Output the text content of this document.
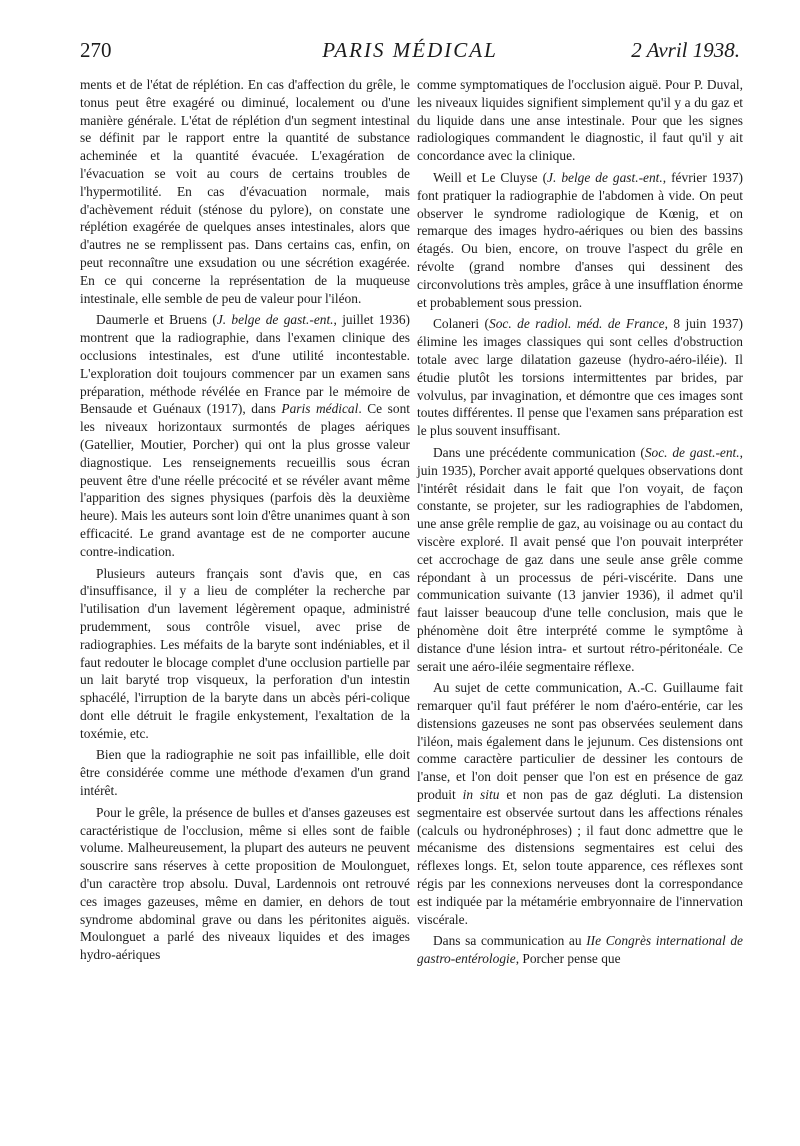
270	PARIS MÉDICAL	2 Avril 1938.

ments et de l'état de réplétion. En cas d'affection du grêle, le tonus peut être exagéré ou diminué, localement ou d'une manière générale. L'état de réplétion d'un segment intestinal se définit par le rapport entre la quantité de substance acheminée et la quantité évacuée. L'exagération de l'évacuation se voit au cours de certains troubles de l'hypermotilité. En cas d'évacuation normale, mais d'achèvement réduit (sténose du pylore), on constate une réplétion exagérée de quelques anses intestinales, alors que d'autres ne se remplissent pas. Dans certains cas, enfin, on peut reconnaître une exsudation ou une sécrétion exagérée. En ce qui concerne la représentation de la muqueuse intestinale, elle semble de peu de valeur pour l'iléon.

Daumerle et Bruens (J. belge de gast.-ent., juillet 1936) montrent que la radiographie, dans l'examen clinique des occlusions intestinales, est d'une utilité incontestable. L'exploration doit toujours commencer par un examen sans préparation, méthode révélée en France par le mémoire de Bensaude et Guénaux (1917), dans Paris médical. Ce sont les niveaux horizontaux surmontés de plages aériques (Gatellier, Moutier, Porcher) qui ont la plus grosse valeur diagnostique. Les renseignements recueillis sous écran peuvent être d'une réelle précocité et se révéler avant même l'apparition des signes physiques (parfois dès la deuxième heure). Mais les auteurs sont loin d'être unanimes quant à son efficacité. Le grand avantage est de ne comporter aucune contre-indication.

Plusieurs auteurs français sont d'avis que, en cas d'insuffisance, il y a lieu de compléter la recherche par l'utilisation d'un lavement légèrement opaque, administré prudemment, sous contrôle visuel, avec prise de radiographies. Les méfaits de la baryte sont indéniables, et il faut redouter le blocage complet d'une occlusion partielle par un lait baryté trop visqueux, la perforation d'un intestin sphacélé, l'irruption de la baryte dans un abcès péri-colique dont elle détruit le fragile enkystement, l'exaltation de la toxémie, etc.

Bien que la radiographie ne soit pas infaillible, elle doit être considérée comme une méthode d'examen d'un grand intérêt.

Pour le grêle, la présence de bulles et d'anses gazeuses est caractéristique de l'occlusion, même si elles sont de faible volume. Malheureusement, la plupart des auteurs ne peuvent souscrire sans réserves à cette proposition de Moulonguet, d'un caractère trop absolu. Duval, Lardennois ont retrouvé ces images gazeuses, même en damier, en dehors de tout syndrome abdominal grave ou dans les péritonites aiguës. Moulonguet a parlé des niveaux liquides et des images hydro-aériques

comme symptomatiques de l'occlusion aiguë. Pour P. Duval, les niveaux liquides signifient simplement qu'il y a du gaz et du liquide dans une anse intestinale. Pour que les signes radiologiques commandent le diagnostic, il faut qu'il y ait concordance avec la clinique.

Weill et Le Cluyse (J. belge de gast.-ent., février 1937) font pratiquer la radiographie de l'abdomen à vide. On peut observer le syndrome radiologique de Kœnig, et on remarque des images hydro-aériques ou bien des bassins étagés. Ou bien, encore, on trouve l'aspect du grêle en révolte (grand nombre d'anses qui dessinent des circonvolutions très amples, grâce à une insufflation énorme et probablement sous pression.

Colaneri (Soc. de radiol. méd. de France, 8 juin 1937) élimine les images classiques qui sont celles d'obstruction totale avec large dilatation gazeuse (hydro-aéro-iléie). Il étudie plutôt les torsions intermittentes par brides, par volvulus, par invagination, et démontre que ces images sont toutes différentes. Il pense que l'examen sans préparation est le plus souvent insuffisant.

Dans une précédente communication (Soc. de gast.-ent., juin 1935), Porcher avait apporté quelques observations dont l'intérêt résidait dans le fait que l'on voyait, de façon constante, se projeter, sur les radiographies de l'abdomen, une anse grêle remplie de gaz, au voisinage ou au contact du viscère exploré. Il avait pensé que l'on pouvait interpréter cet accrochage de gaz dans une seule anse grêle comme répondant à un processus de péri-viscérite. Dans une communication suivante (13 janvier 1936), il admet qu'il faut laisser beaucoup d'une telle conclusion, mais que le phénomène doit être interprété comme le symptôme à distance d'une lésion intra- et surtout rétro-péritonéale. Ce serait une aéro-iléie segmentaire réflexe.

Au sujet de cette communication, A.-C. Guillaume fait remarquer qu'il faut préférer le nom d'aéro-entérie, car les distensions gazeuses ne sont pas observées seulement dans l'iléon, mais également dans le jejunum. Ces distensions ont comme caractère particulier de dessiner les contours de l'anse, et l'on doit penser que l'on est en présence de gaz produit in situ et non pas de gaz dégluti. La distension segmentaire est observée surtout dans les affections rénales (calculs ou hydronéphroses) ; il faut donc admettre que le mécanisme des distensions segmentaires est celui des réflexes longs. Et, selon toute apparence, ces réflexes sont régis par les connexions nerveuses dont la correspondance est indiquée par la métamérie embryonnaire de l'innervation viscérale.

Dans sa communication au IIe Congrès international de gastro-entérologie, Porcher pense que
